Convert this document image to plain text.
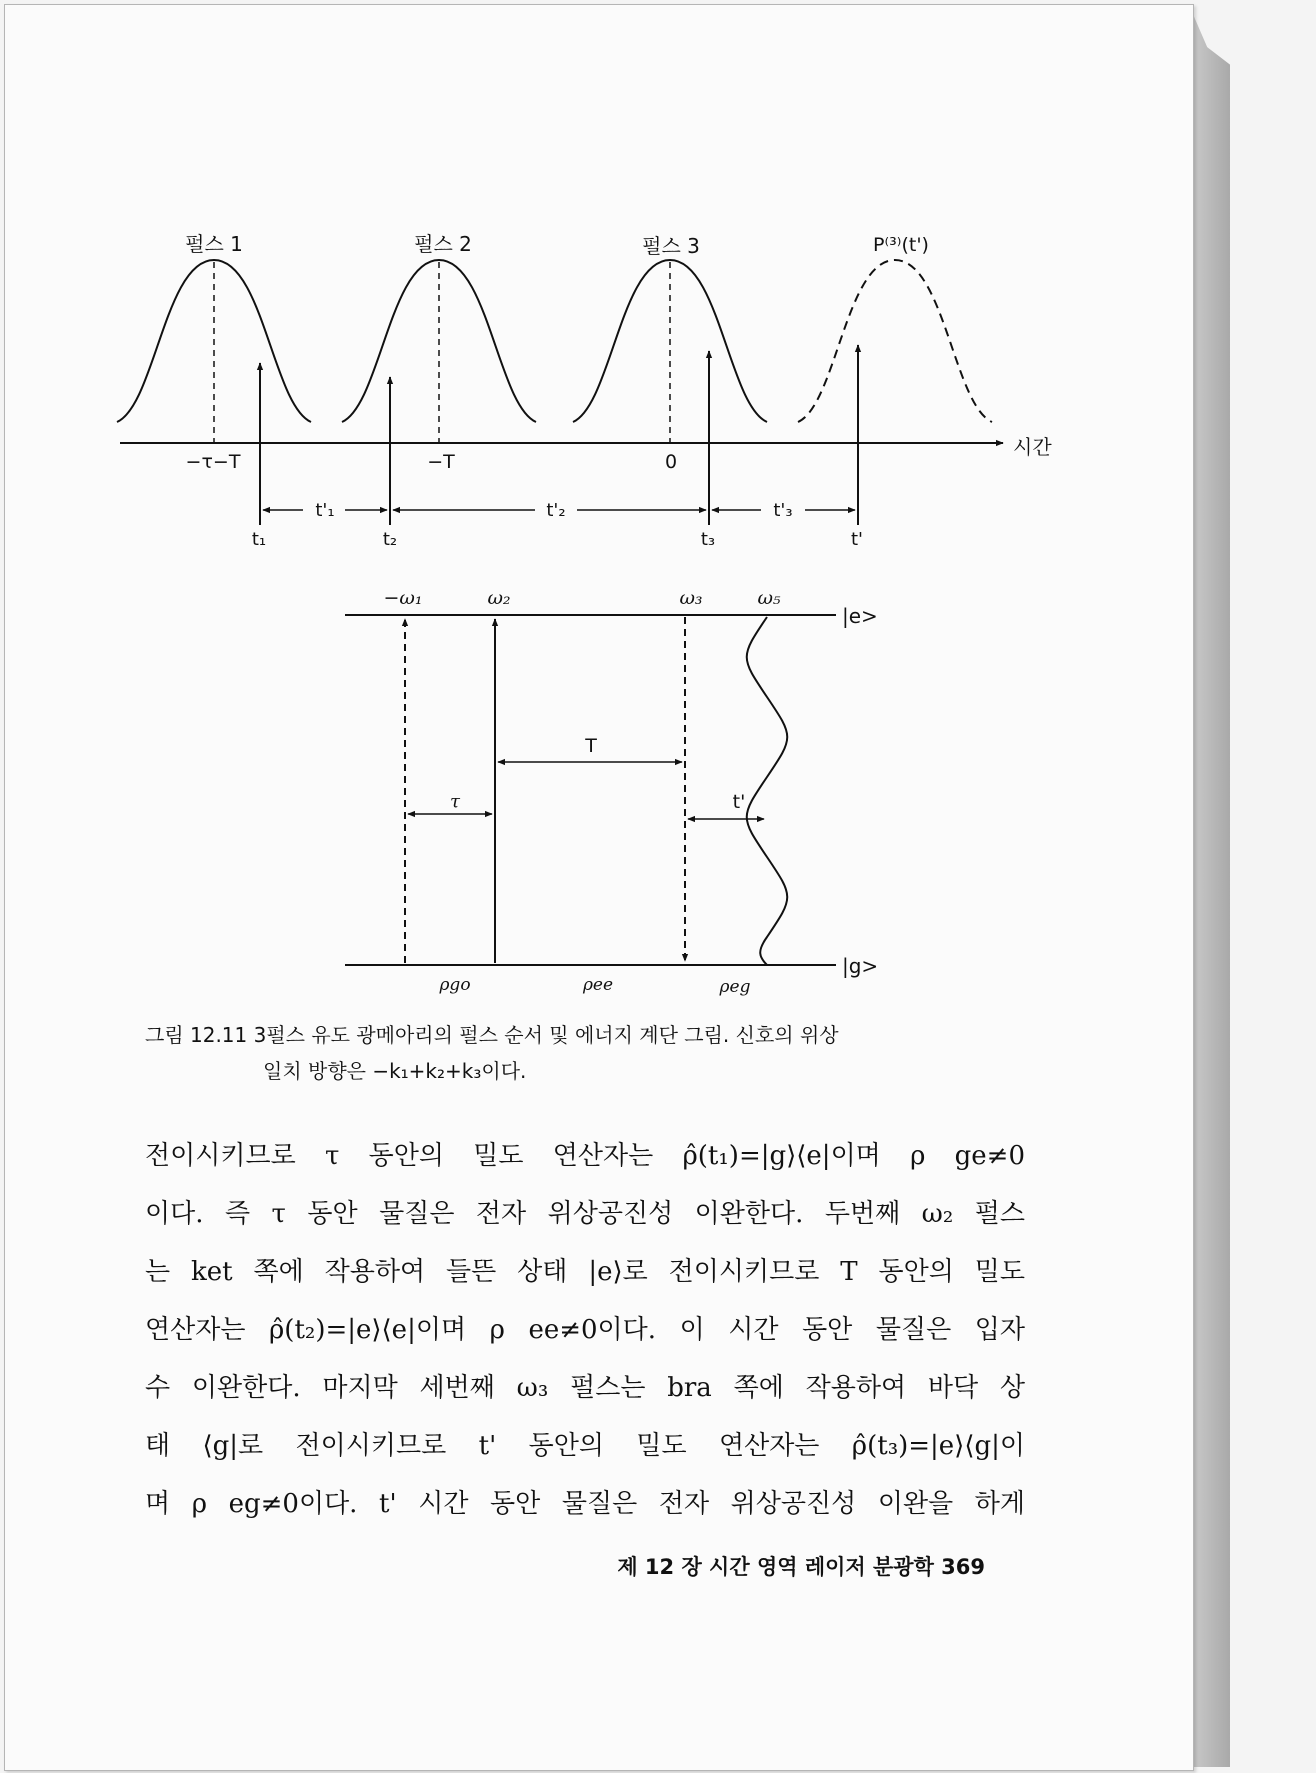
펄스 1	펄스 2	펄스 3	P⁽³⁾(t')
시간
−τ−T	−T	0
t'₁	t'₂	t'₃
t₁	t₂	t₃	t'
−ω₁	ω₂	ω₃	ω₅
|e>
|g>
τ
T
t'
ρgo	ρee	ρeg
그림 12.11 3펄스 유도 광메아리의 펄스 순서 및 에너지 계단 그림. 신호의 위상
일치 방향은 −k₁+k₂+k₃이다.
전이시키므로 τ 동안의 밀도 연산자는 ρ̂(t₁)=|g⟩⟨e|이며 ρ ge≠0
이다. 즉 τ 동안 물질은 전자 위상공진성 이완한다. 두번째 ω₂ 펄스
는 ket 쪽에 작용하여 들뜬 상태 |e⟩로 전이시키므로 T 동안의 밀도
연산자는 ρ̂(t₂)=|e⟩⟨e|이며 ρ ee≠0이다. 이 시간 동안 물질은 입자
수 이완한다. 마지막 세번째 ω₃ 펄스는 bra 쪽에 작용하여 바닥 상
태 ⟨g|로 전이시키므로 t' 동안의 밀도 연산자는 ρ̂(t₃)=|e⟩⟨g|이
며 ρ eg≠0이다. t' 시간 동안 물질은 전자 위상공진성 이완을 하게
제 12 장 시간 영역 레이저 분광학 369
